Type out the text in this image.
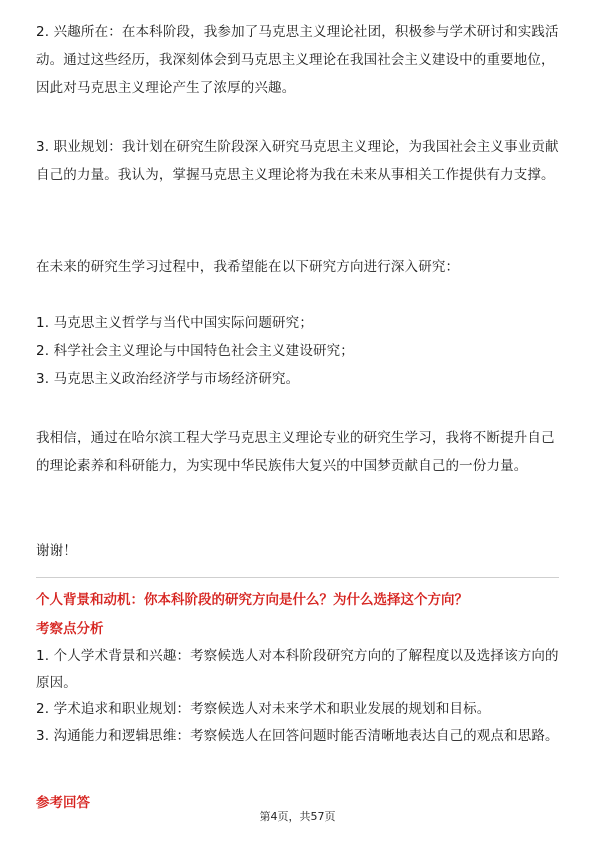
2. 兴趣所在：在本科阶段，我参加了马克思主义理论社团，积极参与学术研讨和实践活动。通过这些经历，我深刻体会到马克思主义理论在我国社会主义建设中的重要地位，因此对马克思主义理论产生了浓厚的兴趣。

3. 职业规划：我计划在研究生阶段深入研究马克思主义理论，为我国社会主义事业贡献自己的力量。我认为，掌握马克思主义理论将为我在未来从事相关工作提供有力支撑。

在未来的研究生学习过程中，我希望能在以下研究方向进行深入研究：

1. 马克思主义哲学与当代中国实际问题研究；

2. 科学社会主义理论与中国特色社会主义建设研究；

3. 马克思主义政治经济学与市场经济研究。

我相信，通过在哈尔滨工程大学马克思主义理论专业的研究生学习，我将不断提升自己的理论素养和科研能力，为实现中华民族伟大复兴的中国梦贡献自己的一份力量。

谢谢！

个人背景和动机：你本科阶段的研究方向是什么？为什么选择这个方向？

考察点分析

1. 个人学术背景和兴趣：考察候选人对本科阶段研究方向的了解程度以及选择该方向的原因。

2. 学术追求和职业规划：考察候选人对未来学术和职业发展的规划和目标。

3. 沟通能力和逻辑思维：考察候选人在回答问题时能否清晰地表达自己的观点和思路。

参考回答

第4页，共57页
